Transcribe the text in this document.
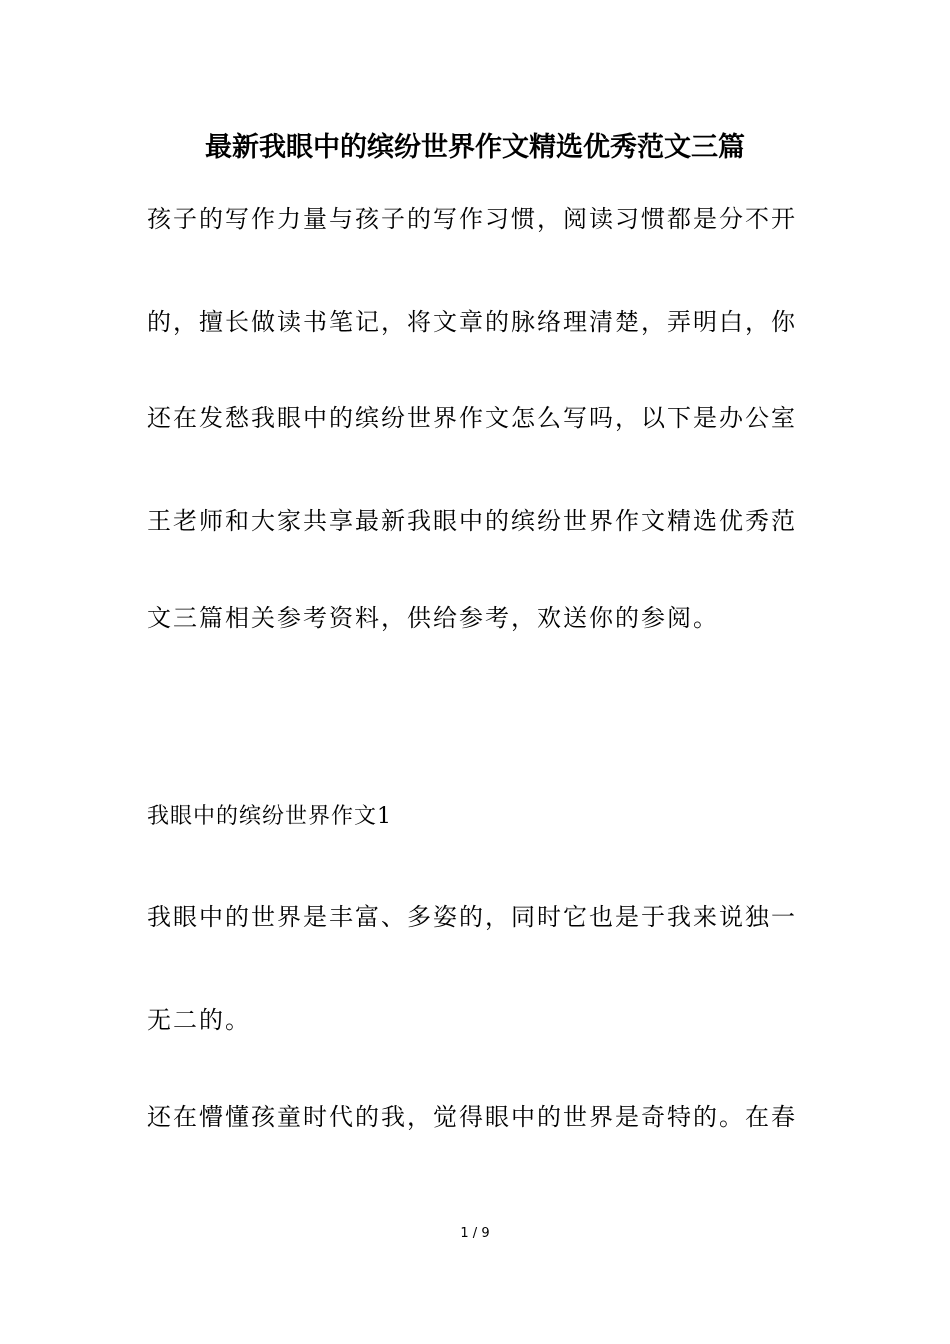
最新我眼中的缤纷世界作文精选优秀范文三篇
孩子的写作力量与孩子的写作习惯，阅读习惯都是分不开
的，擅长做读书笔记，将文章的脉络理清楚，弄明白，你
还在发愁我眼中的缤纷世界作文怎么写吗，以下是办公室
王老师和大家共享最新我眼中的缤纷世界作文精选优秀范
文三篇相关参考资料，供给参考，欢送你的参阅。
我眼中的缤纷世界作文1
我眼中的世界是丰富、多姿的，同时它也是于我来说独一
无二的。
还在懵懂孩童时代的我，觉得眼中的世界是奇特的。在春
1 / 9
